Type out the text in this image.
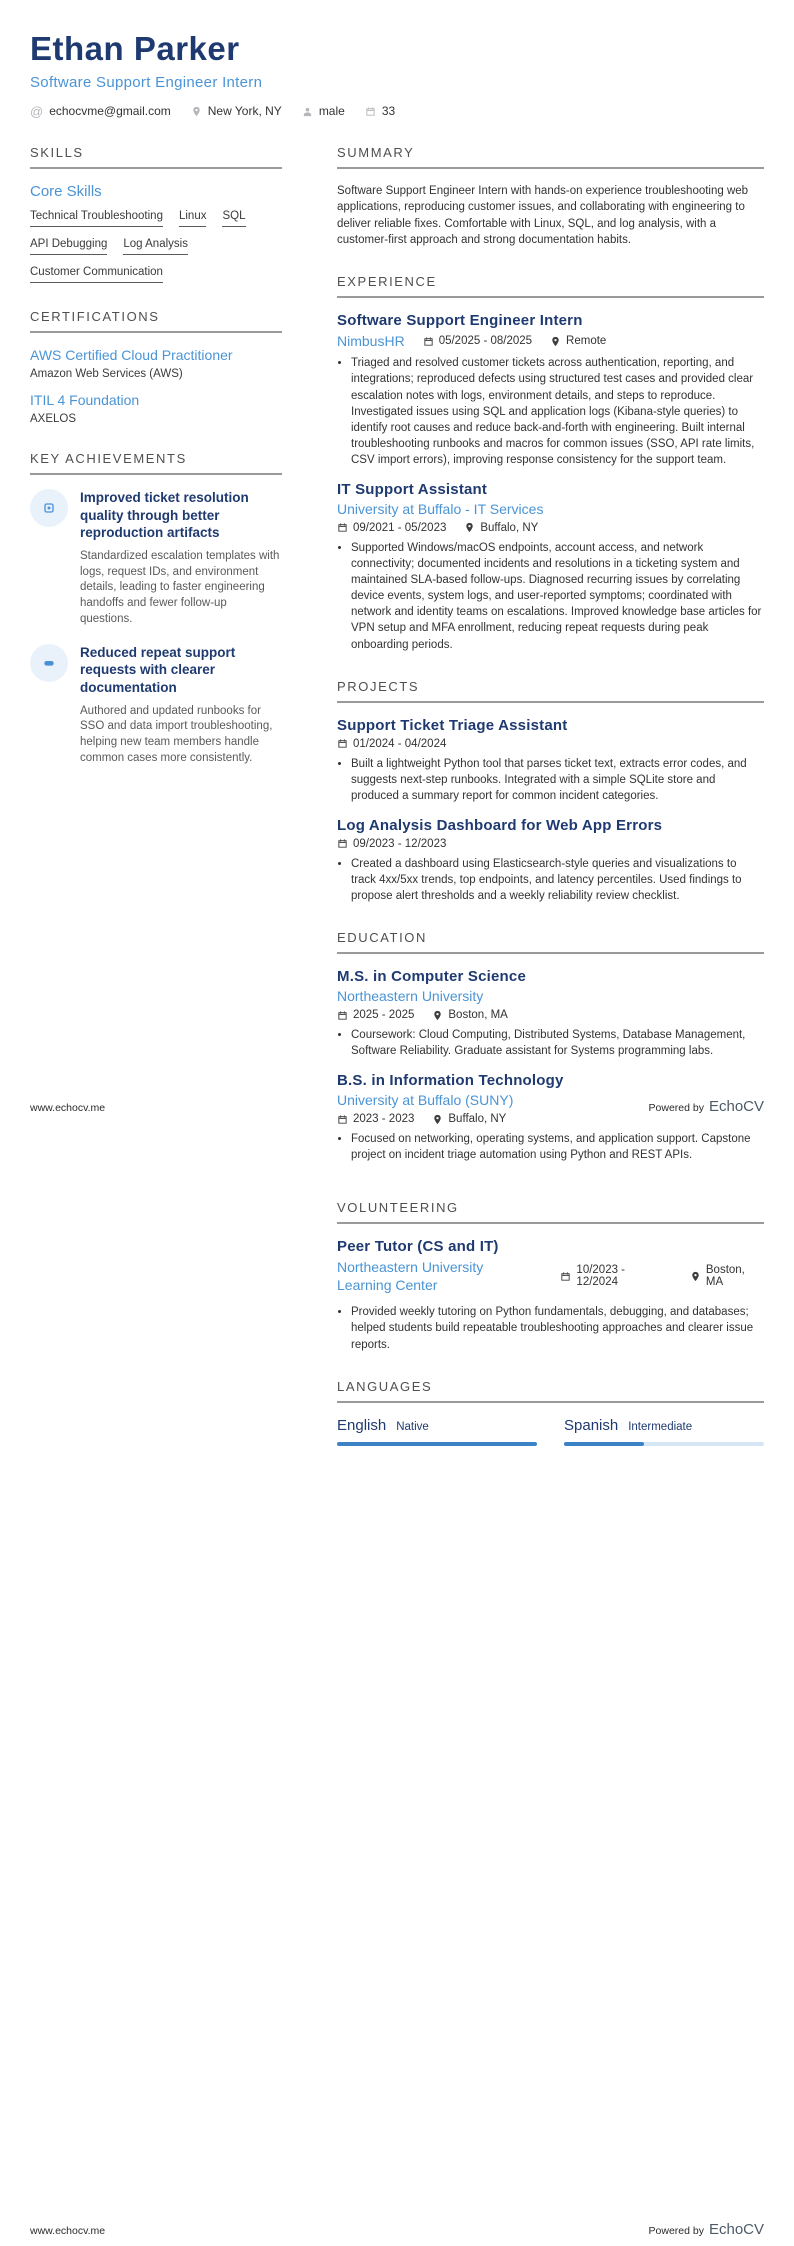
Ethan Parker
Software Support Engineer Intern
@ echocvme@gmail.com	New York, NY	male	33
SKILLS
Core Skills
Technical Troubleshooting Linux SQL
API Debugging Log Analysis
Customer Communication
CERTIFICATIONS
AWS Certified Cloud Practitioner
Amazon Web Services (AWS)
ITIL 4 Foundation
AXELOS
KEY ACHIEVEMENTS
Improved ticket resolution quality through better reproduction artifacts
Standardized escalation templates with logs, request IDs, and environment details, leading to faster engineering handoffs and fewer follow-up questions.
Reduced repeat support requests with clearer documentation
Authored and updated runbooks for SSO and data import troubleshooting, helping new team members handle common cases more consistently.
SUMMARY
Software Support Engineer Intern with hands-on experience troubleshooting web applications, reproducing customer issues, and collaborating with engineering to deliver reliable fixes. Comfortable with Linux, SQL, and log analysis, with a customer-first approach and strong documentation habits.
EXPERIENCE
Software Support Engineer Intern
NimbusHR	05/2025 - 08/2025	Remote
• Triaged and resolved customer tickets across authentication, reporting, and integrations; reproduced defects using structured test cases and provided clear escalation notes with logs, environment details, and steps to reproduce. Investigated issues using SQL and application logs (Kibana-style queries) to identify root causes and reduce back-and-forth with engineering. Built internal troubleshooting runbooks and macros for common issues (SSO, API rate limits, CSV import errors), improving response consistency for the support team.
IT Support Assistant
University at Buffalo - IT Services
09/2021 - 05/2023	Buffalo, NY
• Supported Windows/macOS endpoints, account access, and network connectivity; documented incidents and resolutions in a ticketing system and maintained SLA-based follow-ups. Diagnosed recurring issues by correlating device events, system logs, and user-reported symptoms; coordinated with network and identity teams on escalations. Improved knowledge base articles for VPN setup and MFA enrollment, reducing repeat requests during peak onboarding periods.
PROJECTS
Support Ticket Triage Assistant
01/2024 - 04/2024
• Built a lightweight Python tool that parses ticket text, extracts error codes, and suggests next-step runbooks. Integrated with a simple SQLite store and produced a summary report for common incident categories.
Log Analysis Dashboard for Web App Errors
09/2023 - 12/2023
• Created a dashboard using Elasticsearch-style queries and visualizations to track 4xx/5xx trends, top endpoints, and latency percentiles. Used findings to propose alert thresholds and a weekly reliability review checklist.
EDUCATION
M.S. in Computer Science
Northeastern University
2025 - 2025	Boston, MA
• Coursework: Cloud Computing, Distributed Systems, Database Management, Software Reliability. Graduate assistant for Systems programming labs.
B.S. in Information Technology
University at Buffalo (SUNY)
2023 - 2023	Buffalo, NY
• Focused on networking, operating systems, and application support. Capstone project on incident triage automation using Python and REST APIs.
www.echocv.me	Powered by EchoCV
VOLUNTEERING
Peer Tutor (CS and IT)
Northeastern University Learning Center
10/2023 - 12/2024
Boston, MA
• Provided weekly tutoring on Python fundamentals, debugging, and databases; helped students build repeatable troubleshooting approaches and clearer issue reports.
LANGUAGES
English Native	Spanish Intermediate
www.echocv.me	Powered by EchoCV
